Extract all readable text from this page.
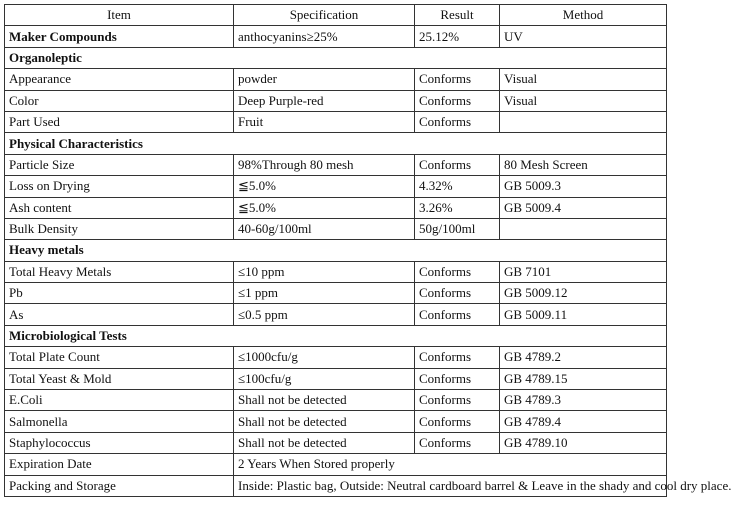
Item	Specification	Result	Method
Maker Compounds	anthocyanins≥25%	25.12%	UV
Organoleptic			
Appearance	powder	Conforms	Visual
Color	Deep Purple-red	Conforms	Visual
Part Used	Fruit	Conforms	
Physical Characteristics			
Particle Size	98%Through 80 mesh	Conforms	80 Mesh Screen
Loss on Drying	≦5.0%	4.32%	GB 5009.3
Ash content	≦5.0%	3.26%	GB 5009.4
Bulk Density	40-60g/100ml	50g/100ml	
Heavy metals			
Total Heavy Metals	≤10 ppm	Conforms	GB 7101
Pb	≤1 ppm	Conforms	GB 5009.12
As	≤0.5 ppm	Conforms	GB 5009.11
Microbiological Tests			
Total Plate Count	≤1000cfu/g	Conforms	GB 4789.2
Total Yeast & Mold	≤100cfu/g	Conforms	GB 4789.15
E.Coli	Shall not be detected	Conforms	GB 4789.3
Salmonella	Shall not be detected	Conforms	GB 4789.4
Staphylococcus	Shall not be detected	Conforms	GB 4789.10
Expiration Date	2 Years When Stored properly		
Packing and Storage	Inside: Plastic bag, Outside: Neutral cardboard barrel & Leave in the shady and cool dry place.		
